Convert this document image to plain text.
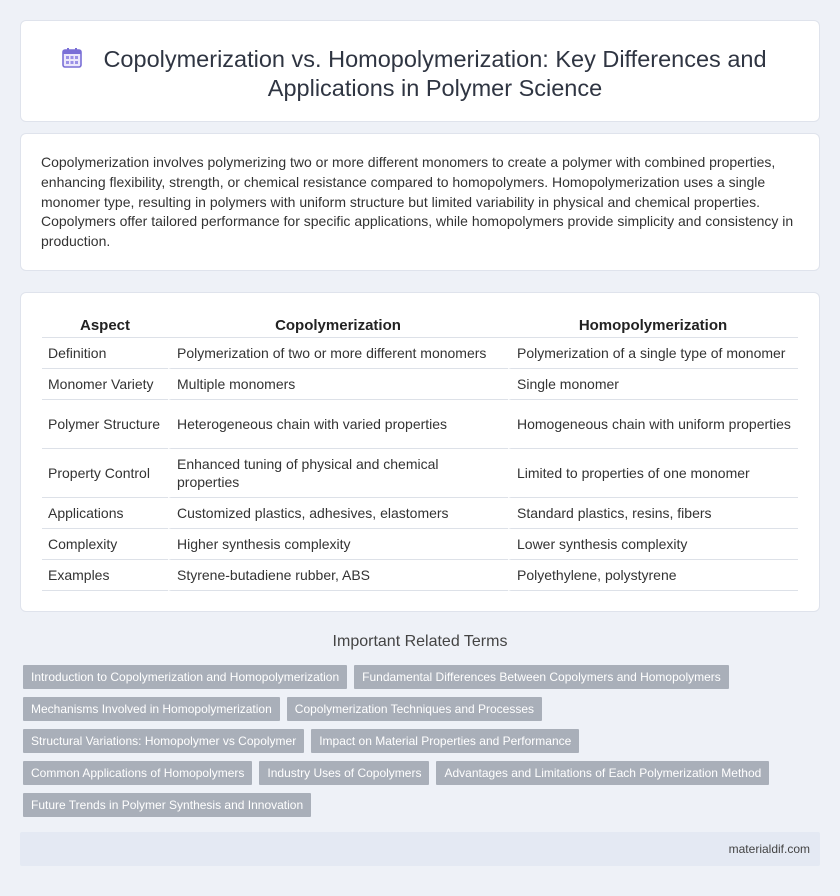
Copolymerization vs. Homopolymerization: Key Differences and Applications in Polymer Science

Copolymerization involves polymerizing two or more different monomers to create a polymer with combined properties, enhancing flexibility, strength, or chemical resistance compared to homopolymers. Homopolymerization uses a single monomer type, resulting in polymers with uniform structure but limited variability in physical and chemical properties. Copolymers offer tailored performance for specific applications, while homopolymers provide simplicity and consistency in production.

Aspect	Copolymerization	Homopolymerization
Definition	Polymerization of two or more different monomers	Polymerization of a single type of monomer
Monomer Variety	Multiple monomers	Single monomer
Polymer Structure	Heterogeneous chain with varied properties	Homogeneous chain with uniform properties
Property Control	Enhanced tuning of physical and chemical properties	Limited to properties of one monomer
Applications	Customized plastics, adhesives, elastomers	Standard plastics, resins, fibers
Complexity	Higher synthesis complexity	Lower synthesis complexity
Examples	Styrene-butadiene rubber, ABS	Polyethylene, polystyrene
Important Related Terms
Introduction to Copolymerization and Homopolymerization	Fundamental Differences Between Copolymers and Homopolymers
Mechanisms Involved in Homopolymerization	Copolymerization Techniques and Processes
Structural Variations: Homopolymer vs Copolymer	Impact on Material Properties and Performance
Common Applications of Homopolymers	Industry Uses of Copolymers	Advantages and Limitations of Each Polymerization Method
Future Trends in Polymer Synthesis and Innovation
materialdif.com
